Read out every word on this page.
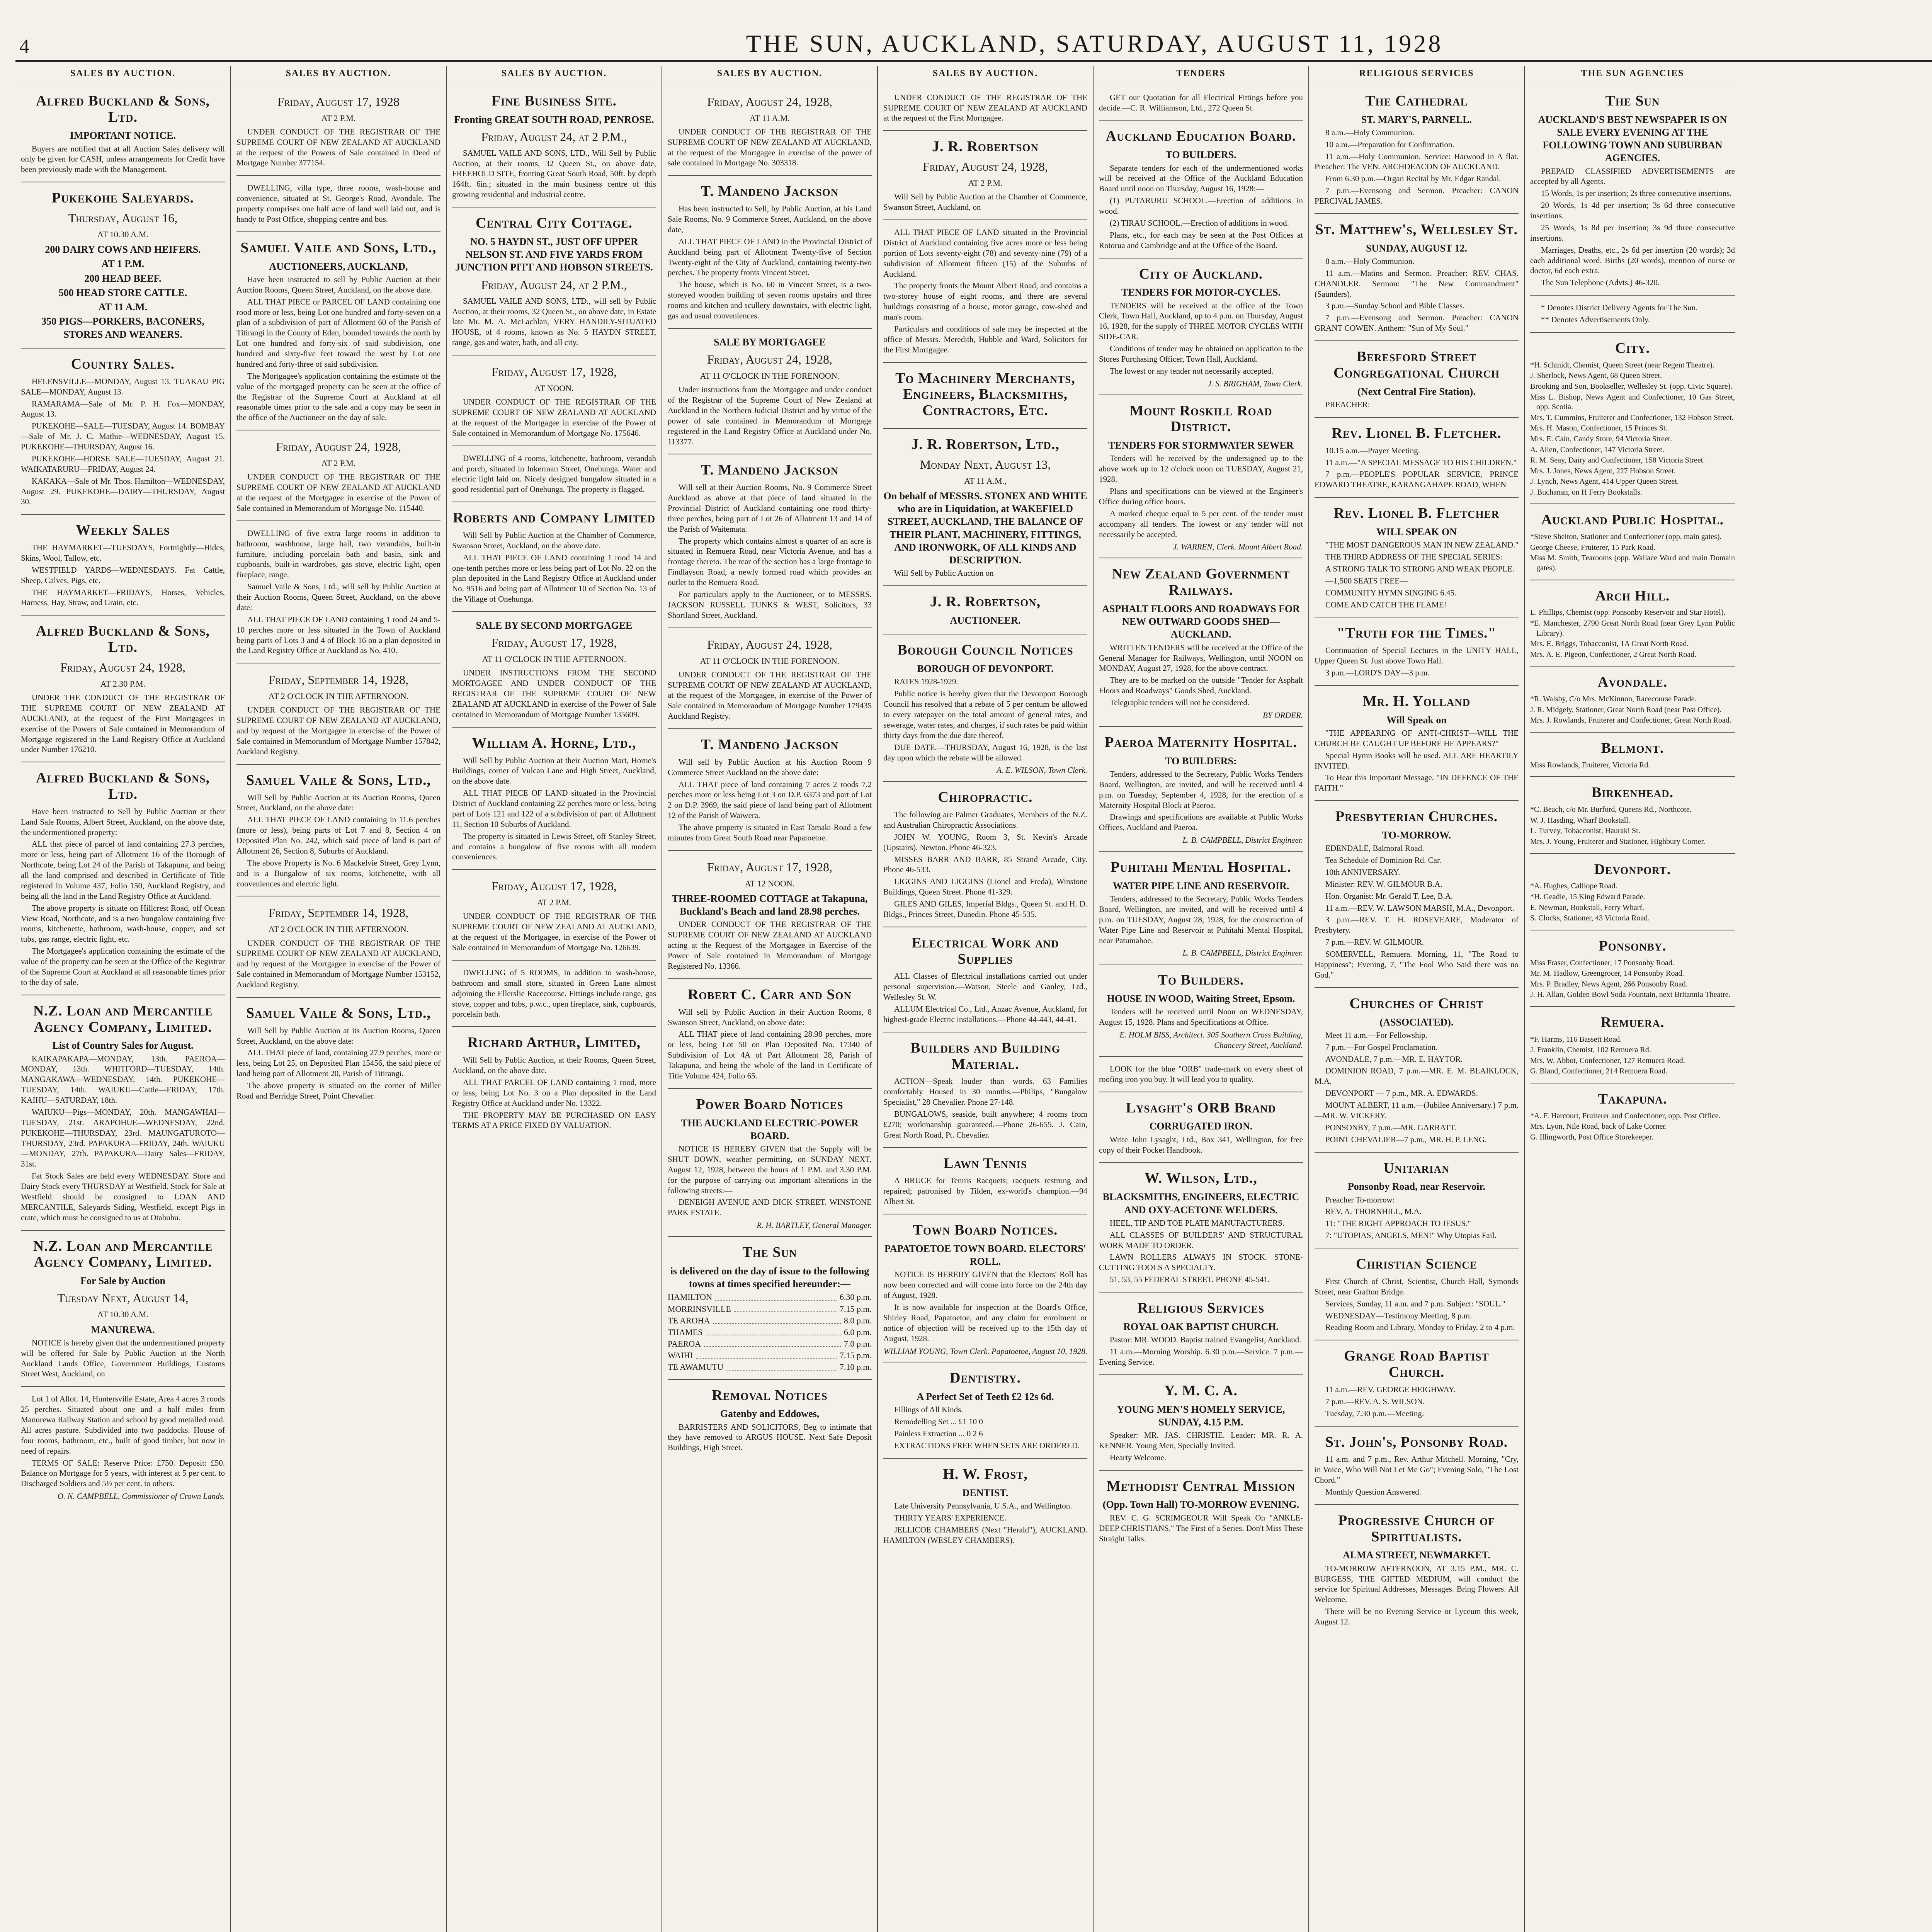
4	THE SUN, AUCKLAND, SATURDAY, AUGUST 11, 1928
SALES BY AUCTION.
Alfred Buckland & Sons, Ltd.
IMPORTANT NOTICE.

Buyers are notified that at all Auction Sales delivery will only be given for CASH, unless arrangements for Credit have been previously made with the Management.

Pukekohe Saleyards.
Thursday, August 16,
AT 10.30 A.M.
200 DAIRY COWS AND HEIFERS.
AT 1 P.M.
200 HEAD BEEF.
500 HEAD STORE CATTLE.
AT 11 A.M.
350 PIGS—PORKERS, BACONERS, STORES AND WEANERS.
Country Sales.

HELENSVILLE—MONDAY, August 13. TUAKAU PIG SALE—MONDAY, August 13.

RAMARAMA—Sale of Mr. P. H. Fox—MONDAY, August 13.

PUKEKOHE—SALE—TUESDAY, August 14. BOMBAY—Sale of Mr. J. C. Mathie—WEDNESDAY, August 15. PUKEKOHE—THURSDAY, August 16.

PUKEKOHE—HORSE SALE—TUESDAY, August 21. WAIKATARURU—FRIDAY, August 24.

KAKAKA—Sale of Mr. Thos. Hamilton—WEDNESDAY, August 29. PUKEKOHE—DAIRY—THURSDAY, August 30.

Weekly Sales

THE HAYMARKET—TUESDAYS, Fortnightly—Hides, Skins, Wool, Tallow, etc.

WESTFIELD YARDS—WEDNESDAYS. Fat Cattle, Sheep, Calves, Pigs, etc.

THE HAYMARKET—FRIDAYS, Horses, Vehicles, Harness, Hay, Straw, and Grain, etc.

Alfred Buckland & Sons, Ltd.
Friday, August 24, 1928,
AT 2.30 P.M.

UNDER THE CONDUCT OF THE REGISTRAR OF THE SUPREME COURT OF NEW ZEALAND AT AUCKLAND, at the request of the First Mortgagees in exercise of the Powers of Sale contained in Memorandum of Mortgage registered in the Land Registry Office at Auckland under Number 176210.

Alfred Buckland & Sons, Ltd.

Have been instructed to Sell by Public Auction at their Land Sale Rooms, Albert Street, Auckland, on the above date, the undermentioned property:

ALL that piece of parcel of land containing 27.3 perches, more or less, being part of Allotment 16 of the Borough of Northcote, being Lot 24 of the Parish of Takapuna, and being all the land comprised and described in Certificate of Title registered in Volume 437, Folio 150, Auckland Registry, and being all the land in the Land Registry Office at Auckland.

The above property is situate on Hillcrest Road, off Ocean View Road, Northcote, and is a two bungalow containing five rooms, kitchenette, bathroom, wash-house, copper, and set tubs, gas range, electric light, etc.

The Mortgagee's application containing the estimate of the value of the property can be seen at the Office of the Registrar of the Supreme Court at Auckland at all reasonable times prior to the day of sale.

N.Z. Loan and Mercantile Agency Company, Limited.
List of Country Sales for August.

KAIKAPAKAPA—MONDAY, 13th. PAEROA—MONDAY, 13th. WHITFORD—TUESDAY, 14th. MANGAKAWA—WEDNESDAY, 14th. PUKEKOHE—TUESDAY, 14th. WAIUKU—Cattle—FRIDAY, 17th. KAIHU—SATURDAY, 18th.

WAIUKU—Pigs—MONDAY, 20th. MANGAWHAI—TUESDAY, 21st. ARAPOHUE—WEDNESDAY, 22nd. PUKEKOHE—THURSDAY, 23rd. MAUNGATUROTO—THURSDAY, 23rd. PAPAKURA—FRIDAY, 24th. WAIUKU—MONDAY, 27th. PAPAKURA—Dairy Sales—FRIDAY, 31st.

Fat Stock Sales are held every WEDNESDAY. Store and Dairy Stock every THURSDAY at Westfield. Stock for Sale at Westfield should be consigned to LOAN AND MERCANTILE, Saleyards Siding, Westfield, except Pigs in crate, which must be consigned to us at Otahuhu.

N.Z. Loan and Mercantile Agency Company, Limited.
For Sale by Auction
Tuesday Next, August 14,
AT 10.30 A.M.
MANUREWA.

NOTICE is hereby given that the undermentioned property will be offered for Sale by Public Auction at the North Auckland Lands Office, Government Buildings, Customs Street West, Auckland, on

Lot 1 of Allot. 14, Huntersville Estate, Area 4 acres 3 roods 25 perches. Situated about one and a half miles from Manurewa Railway Station and school by good metalled road. All acres pasture. Subdivided into two paddocks. House of four rooms, bathroom, etc., built of good timber, but now in need of repairs.

TERMS OF SALE: Reserve Price: £750. Deposit: £50. Balance on Mortgage for 5 years, with interest at 5 per cent. to Discharged Soldiers and 5½ per cent. to others.

O. N. CAMPBELL, Commissioner of Crown Lands.
SALES BY AUCTION.
Friday, August 17, 1928
AT 2 P.M.

UNDER CONDUCT OF THE REGISTRAR OF THE SUPREME COURT OF NEW ZEALAND AT AUCKLAND at the request of the Powers of Sale contained in Deed of Mortgage Number 377154.

DWELLING, villa type, three rooms, wash-house and convenience, situated at St. George's Road, Avondale. The property comprises one half acre of land well laid out, and is handy to Post Office, shopping centre and bus.

Samuel Vaile and Sons, Ltd.,
AUCTIONEERS, AUCKLAND,

Have been instructed to sell by Public Auction at their Auction Rooms, Queen Street, Auckland, on the above date.

ALL THAT PIECE or PARCEL OF LAND containing one rood more or less, being Lot one hundred and forty-seven on a plan of a subdivision of part of Allotment 60 of the Parish of Titirangi in the County of Eden, bounded towards the north by Lot one hundred and forty-six of said subdivision, one hundred and sixty-five feet toward the west by Lot one hundred and forty-three of said subdivision.

The Mortgagee's application containing the estimate of the value of the mortgaged property can be seen at the office of the Registrar of the Supreme Court at Auckland at all reasonable times prior to the sale and a copy may be seen in the office of the Auctioneer on the day of sale.

Friday, August 24, 1928,
AT 2 P.M.

UNDER CONDUCT OF THE REGISTRAR OF THE SUPREME COURT OF NEW ZEALAND AT AUCKLAND at the request of the Mortgagee in exercise of the Power of Sale contained in Memorandum of Mortgage No. 115440.

DWELLING of five extra large rooms in addition to bathroom, washhouse, large hall, two verandahs, built-in furniture, including porcelain bath and basin, sink and cupboards, built-in wardrobes, gas stove, electric light, open fireplace, range.

Samuel Vaile & Sons, Ltd., will sell by Public Auction at their Auction Rooms, Queen Street, Auckland, on the above date:

ALL THAT PIECE OF LAND containing 1 rood 24 and 5-10 perches more or less situated in the Town of Auckland being parts of Lots 3 and 4 of Block 16 on a plan deposited in the Land Registry Office at Auckland as No. 410.

Friday, September 14, 1928,
AT 2 O'CLOCK IN THE AFTERNOON.

UNDER CONDUCT OF THE REGISTRAR OF THE SUPREME COURT OF NEW ZEALAND AT AUCKLAND, and by request of the Mortgagee in exercise of the Power of Sale contained in Memorandum of Mortgage Number 157842, Auckland Registry.

Samuel Vaile & Sons, Ltd.,

Will Sell by Public Auction at its Auction Rooms, Queen Street, Auckland, on the above date:

ALL THAT PIECE OF LAND containing in 11.6 perches (more or less), being parts of Lot 7 and 8, Section 4 on Deposited Plan No. 242, which said piece of land is part of Allotment 26, Section 8, Suburbs of Auckland.

The above Property is No. 6 Mackelvie Street, Grey Lynn, and is a Bungalow of six rooms, kitchenette, with all conveniences and electric light.

Friday, September 14, 1928,
AT 2 O'CLOCK IN THE AFTERNOON.

UNDER CONDUCT OF THE REGISTRAR OF THE SUPREME COURT OF NEW ZEALAND AT AUCKLAND, and by request of the Mortgagee in exercise of the Power of Sale contained in Memorandum of Mortgage Number 153152, Auckland Registry.

Samuel Vaile & Sons, Ltd.,

Will Sell by Public Auction at its Auction Rooms, Queen Street, Auckland, on the above date:

ALL THAT piece of land, containing 27.9 perches, more or less, being Lot 25, on Deposited Plan 15456, the said piece of land being part of Allotment 20, Parish of Titirangi.

The above property is situated on the corner of Miller Road and Berridge Street, Point Chevalier.

SALES BY AUCTION.
Fine Business Site.
Fronting GREAT SOUTH ROAD, PENROSE.
Friday, August 24, at 2 P.M.,

SAMUEL VAILE AND SONS, LTD., Will Sell by Public Auction, at their rooms, 32 Queen St., on above date, FREEHOLD SITE, fronting Great South Road, 50ft. by depth 164ft. 6in.; situated in the main business centre of this growing residential and industrial centre.

Central City Cottage.
NO. 5 HAYDN ST., JUST OFF UPPER NELSON ST. AND FIVE YARDS FROM JUNCTION PITT AND HOBSON STREETS.
Friday, August 24, at 2 P.M.,

SAMUEL VAILE AND SONS, LTD., will sell by Public Auction, at their rooms, 32 Queen St., on above date, in Estate late Mr. M. A. McLachlan, VERY HANDILY-SITUATED HOUSE, of 4 rooms, known as No. 5 HAYDN STREET, range, gas and water, bath, and all city.

Friday, August 17, 1928,
AT NOON.

UNDER CONDUCT OF THE REGISTRAR OF THE SUPREME COURT OF NEW ZEALAND AT AUCKLAND at the request of the Mortgagee in exercise of the Power of Sale contained in Memorandum of Mortgage No. 175646.

DWELLING of 4 rooms, kitchenette, bathroom, verandah and porch, situated in Inkerman Street, Onehunga. Water and electric light laid on. Nicely designed bungalow situated in a good residential part of Onehunga. The property is flagged.

Roberts and Company Limited

Will Sell by Public Auction at the Chamber of Commerce, Swanson Street, Auckland, on the above date.

ALL THAT PIECE OF LAND containing 1 rood 14 and one-tenth perches more or less being part of Lot No. 22 on the plan deposited in the Land Registry Office at Auckland under No. 9516 and being part of Allotment 10 of Section No. 13 of the Village of Onehunga.

SALE BY SECOND MORTGAGEE
Friday, August 17, 1928,
AT 11 O'CLOCK IN THE AFTERNOON.

UNDER INSTRUCTIONS FROM THE SECOND MORTGAGEE AND UNDER CONDUCT OF THE REGISTRAR OF THE SUPREME COURT OF NEW ZEALAND AT AUCKLAND in exercise of the Power of Sale contained in Memorandum of Mortgage Number 135609.

William A. Horne, Ltd.,

Will Sell by Public Auction at their Auction Mart, Horne's Buildings, corner of Vulcan Lane and High Street, Auckland, on the above date.

ALL THAT PIECE OF LAND situated in the Provincial District of Auckland containing 22 perches more or less, being part of Lots 121 and 122 of a subdivision of part of Allotment 11, Section 10 Suburbs of Auckland.

The property is situated in Lewis Street, off Stanley Street, and contains a bungalow of five rooms with all modern conveniences.

Friday, August 17, 1928,
AT 2 P.M.

UNDER CONDUCT OF THE REGISTRAR OF THE SUPREME COURT OF NEW ZEALAND AT AUCKLAND, at the request of the Mortgagee, in exercise of the Power of Sale contained in Memorandum of Mortgage No. 126639.

DWELLING of 5 ROOMS, in addition to wash-house, bathroom and small store, situated in Green Lane almost adjoining the Ellerslie Racecourse. Fittings include range, gas stove, copper and tubs, p.w.c., open fireplace, sink, cupboards, porcelain bath.

Richard Arthur, Limited,

Will Sell by Public Auction, at their Rooms, Queen Street, Auckland, on the above date.

ALL THAT PARCEL OF LAND containing 1 rood, more or less, being Lot No. 3 on a Plan deposited in the Land Registry Office at Auckland under No. 13322.

THE PROPERTY MAY BE PURCHASED ON EASY TERMS AT A PRICE FIXED BY VALUATION.

SALES BY AUCTION.
Friday, August 24, 1928,
AT 11 A.M.

UNDER CONDUCT OF THE REGISTRAR OF THE SUPREME COURT OF NEW ZEALAND AT AUCKLAND, at the request of the Mortgagee in exercise of the power of sale contained in Mortgage No. 303318.

T. Mandeno Jackson

Has been instructed to Sell, by Public Auction, at his Land Sale Rooms, No. 9 Commerce Street, Auckland, on the above date,

ALL THAT PIECE OF LAND in the Provincial District of Auckland being part of Allotment Twenty-five of Section Twenty-eight of the City of Auckland, containing twenty-two perches. The property fronts Vincent Street.

The house, which is No. 60 in Vincent Street, is a two-storeyed wooden building of seven rooms upstairs and three rooms and kitchen and scullery downstairs, with electric light, gas and usual conveniences.

SALE BY MORTGAGEE
Friday, August 24, 1928,
AT 11 O'CLOCK IN THE FORENOON.

Under instructions from the Mortgagee and under conduct of the Registrar of the Supreme Court of New Zealand at Auckland in the Northern Judicial District and by virtue of the power of sale contained in Memorandum of Mortgage registered in the Land Registry Office at Auckland under No. 113377.

T. Mandeno Jackson

Will sell at their Auction Rooms, No. 9 Commerce Street Auckland as above at that piece of land situated in the Provincial District of Auckland containing one rood thirty-three perches, being part of Lot 26 of Allotment 13 and 14 of the Parish of Waitemata.

The property which contains almost a quarter of an acre is situated in Remuera Road, near Victoria Avenue, and has a frontage thereto. The rear of the section has a large frontage to Findlayson Road, a newly formed road which provides an outlet to the Remuera Road.

For particulars apply to the Auctioneer, or to MESSRS. JACKSON RUSSELL TUNKS & WEST, Solicitors, 33 Shortland Street, Auckland.

Friday, August 24, 1928,
AT 11 O'CLOCK IN THE FORENOON.

UNDER CONDUCT OF THE REGISTRAR OF THE SUPREME COURT OF NEW ZEALAND AT AUCKLAND, at the request of the Mortgagee, in exercise of the Power of Sale contained in Memorandum of Mortgage Number 179435 Auckland Registry.

T. Mandeno Jackson

Will sell by Public Auction at his Auction Room 9 Commerce Street Auckland on the above date:

ALL THAT piece of land containing 7 acres 2 roods 7.2 perches more or less being Lot 3 on D.P. 6373 and part of Lot 2 on D.P. 3969, the said piece of land being part of Allotment 12 of the Parish of Waiwera.

The above property is situated in East Tamaki Road a few minutes from Great South Road near Papatoetoe.

Friday, August 17, 1928,
AT 12 NOON.
THREE-ROOMED COTTAGE at Takapuna, Buckland's Beach and land 28.98 perches.

UNDER CONDUCT OF THE REGISTRAR OF THE SUPREME COURT OF NEW ZEALAND AT AUCKLAND acting at the Request of the Mortgagee in Exercise of the Power of Sale contained in Memorandum of Mortgage Registered No. 13366.

Robert C. Carr and Son

Will sell by Public Auction in their Auction Rooms, 8 Swanson Street, Auckland, on above date:

ALL THAT piece of land containing 28.98 perches, more or less, being Lot 50 on Plan Deposited No. 17340 of Subdivision of Lot 4A of Part Allotment 28, Parish of Takapuna, and being the whole of the land in Certificate of Title Volume 424, Folio 65.

Power Board Notices
THE AUCKLAND ELECTRIC-POWER BOARD.

NOTICE IS HEREBY GIVEN that the Supply will be SHUT DOWN, weather permitting, on SUNDAY NEXT, August 12, 1928, between the hours of 1 P.M. and 3.30 P.M. for the purpose of carrying out important alterations in the following streets:—

DENEIGH AVENUE AND DICK STREET. WINSTONE PARK ESTATE.

R. H. BARTLEY, General Manager.
The Sun
is delivered on the day of issue to the following towns at times specified hereunder:—
HAMILTON	6.30 p.m.
MORRINSVILLE	7.15 p.m.
TE AROHA	8.0 p.m.
THAMES	6.0 p.m.
PAEROA	7.0 p.m.
WAIHI	7.15 p.m.
TE AWAMUTU	7.10 p.m.
Removal Notices
Gatenby and Eddowes,

BARRISTERS AND SOLICITORS, Beg to intimate that they have removed to ARGUS HOUSE. Next Safe Deposit Buildings, High Street.

SALES BY AUCTION.

UNDER CONDUCT OF THE REGISTRAR OF THE SUPREME COURT OF NEW ZEALAND AT AUCKLAND at the request of the First Mortgagee.

J. R. Robertson
Friday, August 24, 1928,
AT 2 P.M.

Will Sell by Public Auction at the Chamber of Commerce, Swanson Street, Auckland, on

ALL THAT PIECE OF LAND situated in the Provincial District of Auckland containing five acres more or less being portion of Lots seventy-eight (78) and seventy-nine (79) of a subdivision of Allotment fifteen (15) of the Suburbs of Auckland.

The property fronts the Mount Albert Road, and contains a two-storey house of eight rooms, and there are several buildings consisting of a house, motor garage, cow-shed and man's room.

Particulars and conditions of sale may be inspected at the office of Messrs. Meredith, Hubble and Ward, Solicitors for the First Mortgagee.

To Machinery Merchants, Engineers, Blacksmiths, Contractors, Etc.
J. R. Robertson, Ltd.,
Monday Next, August 13,
AT 11 A.M.,
On behalf of MESSRS. STONEX AND WHITE who are in Liquidation, at WAKEFIELD STREET, AUCKLAND, THE BALANCE OF THEIR PLANT, MACHINERY, FITTINGS, AND IRONWORK, OF ALL KINDS AND DESCRIPTION.

Will Sell by Public Auction on

J. R. Robertson,
AUCTIONEER.
Borough Council Notices
BOROUGH OF DEVONPORT.

RATES 1928-1929.

Public notice is hereby given that the Devonport Borough Council has resolved that a rebate of 5 per centum be allowed to every ratepayer on the total amount of general rates, and sewerage, water rates, and charges, if such rates be paid within thirty days from the due date thereof.

DUE DATE.—THURSDAY, August 16, 1928, is the last day upon which the rebate will be allowed.

A. E. WILSON, Town Clerk.
Chiropractic.

The following are Palmer Graduates, Members of the N.Z. and Australian Chiropractic Associations.

JOHN W. YOUNG, Room 3, St. Kevin's Arcade (Upstairs). Newton. Phone 46-323.

MISSES BARR AND BARR, 85 Strand Arcade, City. Phone 46-533.

LIGGINS AND LIGGINS (Lionel and Freda), Winstone Buildings, Queen Street. Phone 41-329.

GILES AND GILES, Imperial Bldgs., Queen St. and H. D. Bldgs., Princes Street, Dunedin. Phone 45-535.

Electrical Work and Supplies

ALL Classes of Electrical installations carried out under personal supervision.—Watson, Steele and Ganley, Ltd., Wellesley St. W.

ALLUM Electrical Co., Ltd., Anzac Avenue, Auckland, for highest-grade Electric installations.—Phone 44-443, 44-41.

Builders and Building Material.

ACTION—Speak louder than words. 63 Families comfortably Housed in 30 months.—Philips, "Bungalow Specialist," 28 Chevalier. Phone 27-148.

BUNGALOWS, seaside, built anywhere; 4 rooms from £270; workmanship guaranteed.—Phone 26-655. J. Cain, Great North Road, Pt. Chevalier.

Lawn Tennis

A BRUCE for Tennis Racquets; racquets restrung and repaired; patronised by Tilden, ex-world's champion.—94 Albert St.

Town Board Notices.
PAPATOETOE TOWN BOARD. ELECTORS' ROLL.

NOTICE IS HEREBY GIVEN that the Electors' Roll has now been corrected and will come into force on the 24th day of August, 1928.

It is now available for inspection at the Board's Office, Shirley Road, Papatoetoe, and any claim for enrolment or notice of objection will be received up to the 15th day of August, 1928.

WILLIAM YOUNG, Town Clerk. Papatoetoe, August 10, 1928.
Dentistry.
A Perfect Set of Teeth £2 12s 6d.

Fillings of All Kinds.

Remodelling Set ... £1 10 0

Painless Extraction ... 0 2 6

EXTRACTIONS FREE WHEN SETS ARE ORDERED.

H. W. Frost,
DENTIST.

Late University Pennsylvania, U.S.A., and Wellington.

THIRTY YEARS' EXPERIENCE.

JELLICOE CHAMBERS (Next "Herald"), AUCKLAND. HAMILTON (WESLEY CHAMBERS).

TENDERS

GET our Quotation for all Electrical Fittings before you decide.—C. R. Williamson, Ltd., 272 Queen St.

Auckland Education Board.
TO BUILDERS.

Separate tenders for each of the undermentioned works will be received at the Office of the Auckland Education Board until noon on Thursday, August 16, 1928:—

(1) PUTARURU SCHOOL.—Erection of additions in wood.

(2) TIRAU SCHOOL.—Erection of additions in wood.

Plans, etc., for each may be seen at the Post Offices at Rotorua and Cambridge and at the Office of the Board.

City of Auckland.
TENDERS FOR MOTOR-CYCLES.

TENDERS will be received at the office of the Town Clerk, Town Hall, Auckland, up to 4 p.m. on Thursday, August 16, 1928, for the supply of THREE MOTOR CYCLES WITH SIDE-CAR.

Conditions of tender may be obtained on application to the Stores Purchasing Officer, Town Hall, Auckland.

The lowest or any tender not necessarily accepted.

J. S. BRIGHAM, Town Clerk.
Mount Roskill Road District.
TENDERS FOR STORMWATER SEWER

Tenders will be received by the undersigned up to the above work up to 12 o'clock noon on TUESDAY, August 21, 1928.

Plans and specifications can be viewed at the Engineer's Office during office hours.

A marked cheque equal to 5 per cent. of the tender must accompany all tenders. The lowest or any tender will not necessarily be accepted.

J. WARREN, Clerk. Mount Albert Road.
New Zealand Government Railways.
ASPHALT FLOORS AND ROADWAYS FOR NEW OUTWARD GOODS SHED—AUCKLAND.

WRITTEN TENDERS will be received at the Office of the General Manager for Railways, Wellington, until NOON on MONDAY, August 27, 1928, for the above contract.

They are to be marked on the outside "Tender for Asphalt Floors and Roadways" Goods Shed, Auckland.

Telegraphic tenders will not be considered.

BY ORDER.
Paeroa Maternity Hospital.
TO BUILDERS:

Tenders, addressed to the Secretary, Public Works Tenders Board, Wellington, are invited, and will be received until 4 p.m. on Tuesday, September 4, 1928, for the erection of a Maternity Hospital Block at Paeroa.

Drawings and specifications are available at Public Works Offices, Auckland and Paeroa.

L. B. CAMPBELL, District Engineer.
Puhitahi Mental Hospital.
WATER PIPE LINE AND RESERVOIR.

Tenders, addressed to the Secretary, Public Works Tenders Board, Wellington, are invited, and will be received until 4 p.m. on TUESDAY, August 28, 1928, for the construction of Water Pipe Line and Reservoir at Puhitahi Mental Hospital, near Patumahoe.

L. B. CAMPBELL, District Engineer.
To Builders.
HOUSE IN WOOD, Waiting Street, Epsom.

Tenders will be received until Noon on WEDNESDAY, August 15, 1928. Plans and Specifications at Office.

E. HOLM BISS, Architect. 305 Southern Cross Building, Chancery Street, Auckland.

LOOK for the blue "ORB" trade-mark on every sheet of roofing iron you buy. It will lead you to quality.

Lysaght's ORB Brand
CORRUGATED IRON.

Write John Lysaght, Ltd., Box 341, Wellington, for free copy of their Pocket Handbook.

W. Wilson, Ltd.,
BLACKSMITHS, ENGINEERS, ELECTRIC AND OXY-ACETONE WELDERS.

HEEL, TIP AND TOE PLATE MANUFACTURERS.

ALL CLASSES OF BUILDERS' AND STRUCTURAL WORK MADE TO ORDER.

LAWN ROLLERS ALWAYS IN STOCK. STONE-CUTTING TOOLS A SPECIALTY.

51, 53, 55 FEDERAL STREET. PHONE 45-541.

Religious Services
ROYAL OAK BAPTIST CHURCH.

Pastor: MR. WOOD. Baptist trained Evangelist, Auckland.

11 a.m.—Morning Worship. 6.30 p.m.—Service. 7 p.m.—Evening Service.

Y. M. C. A.
YOUNG MEN'S HOMELY SERVICE, SUNDAY, 4.15 P.M.

Speaker: MR. JAS. CHRISTIE. Leader: MR. R. A. KENNER. Young Men, Specially Invited.

Hearty Welcome.

Methodist Central Mission
(Opp. Town Hall) TO-MORROW EVENING.

REV. C. G. SCRIMGEOUR Will Speak On "ANKLE-DEEP CHRISTIANS." The First of a Series. Don't Miss These Straight Talks.

RELIGIOUS SERVICES
The Cathedral
ST. MARY'S, PARNELL.

8 a.m.—Holy Communion.

10 a.m.—Preparation for Confirmation.

11 a.m.—Holy Communion. Service: Harwood in A flat. Preacher: The VEN. ARCHDEACON OF AUCKLAND.

From 6.30 p.m.—Organ Recital by Mr. Edgar Randal.

7 p.m.—Evensong and Sermon. Preacher: CANON PERCIVAL JAMES.

St. Matthew's, Wellesley St.
SUNDAY, AUGUST 12.

8 a.m.—Holy Communion.

11 a.m.—Matins and Sermon. Preacher: REV. CHAS. CHANDLER. Sermon: "The New Commandment" (Saunders).

3 p.m.—Sunday School and Bible Classes.

7 p.m.—Evensong and Sermon. Preacher: CANON GRANT COWEN. Anthem: "Sun of My Soul."

Beresford Street Congregational Church
(Next Central Fire Station).

PREACHER:

Rev. Lionel B. Fletcher.

10.15 a.m.—Prayer Meeting.

11 a.m.—"A SPECIAL MESSAGE TO HIS CHILDREN."

7 p.m.—PEOPLE'S POPULAR SERVICE, PRINCE EDWARD THEATRE, KARANGAHAPE ROAD, WHEN

Rev. Lionel B. Fletcher
WILL SPEAK ON

"THE MOST DANGEROUS MAN IN NEW ZEALAND."

THE THIRD ADDRESS OF THE SPECIAL SERIES:

A STRONG TALK TO STRONG AND WEAK PEOPLE.

—1,500 SEATS FREE—

COMMUNITY HYMN SINGING 6.45.

COME AND CATCH THE FLAME!

"Truth for the Times."

Continuation of Special Lectures in the UNITY HALL, Upper Queen St. Just above Town Hall.

3 p.m.—LORD'S DAY—3 p.m.

Mr. H. Yolland
Will Speak on

"THE APPEARING OF ANTI-CHRIST—WILL THE CHURCH BE CAUGHT UP BEFORE HE APPEARS?"

Special Hymn Books will be used. ALL ARE HEARTILY INVITED.

To Hear this Important Message. "IN DEFENCE OF THE FAITH."

Presbyterian Churches.
TO-MORROW.

EDENDALE, Balmoral Road.

Tea Schedule of Dominion Rd. Car.

10th ANNIVERSARY.

Minister: REV. W. GILMOUR B.A.

Hon. Organist: Mr. Gerald T. Lee, B.A.

11 a.m.—REV. W. LAWSON MARSH, M.A., Devonport.

3 p.m.—REV. T. H. ROSEVEARE, Moderator of Presbytery.

7 p.m.—REV. W. GILMOUR.

SOMERVELL, Remuera. Morning, 11, "The Road to Happiness"; Evening, 7, "The Fool Who Said there was no God."

Churches of Christ
(ASSOCIATED).

Meet 11 a.m.—For Fellowship.

7 p.m.—For Gospel Proclamation.

AVONDALE, 7 p.m.—MR. E. HAYTOR.

DOMINION ROAD, 7 p.m.—MR. E. M. BLAIKLOCK, M.A.

DEVONPORT — 7 p.m., MR. A. EDWARDS.

MOUNT ALBERT, 11 a.m.—(Jubilee Anniversary.) 7 p.m.—MR. W. VICKERY.

PONSONBY, 7 p.m.—MR. GARRATT.

POINT CHEVALIER—7 p.m., MR. H. P. LENG.

Unitarian
Ponsonby Road, near Reservoir.

Preacher To-morrow:

REV. A. THORNHILL, M.A.

11: "THE RIGHT APPROACH TO JESUS."

7: "UTOPIAS, ANGELS, MEN!" Why Utopias Fail.

Christian Science

First Church of Christ, Scientist, Church Hall, Symonds Street, near Grafton Bridge.

Services, Sunday, 11 a.m. and 7 p.m. Subject: "SOUL."

WEDNESDAY—Testimony Meeting, 8 p.m.

Reading Room and Library, Monday to Friday, 2 to 4 p.m.

Grange Road Baptist Church.

11 a.m.—REV. GEORGE HEIGHWAY.

7 p.m.—REV. A. S. WILSON.

Tuesday, 7.30 p.m.—Meeting.

St. John's, Ponsonby Road.

11 a.m. and 7 p.m., Rev. Arthur Mitchell. Morning, "Cry, in Voice, Who Will Not Let Me Go"; Evening Solo, "The Lost Chord."

Monthly Question Answered.

Progressive Church of Spiritualists.
ALMA STREET, NEWMARKET.

TO-MORROW AFTERNOON, AT 3.15 P.M., MR. C. BURGESS, THE GIFTED MEDIUM, will conduct the service for Spiritual Addresses, Messages. Bring Flowers. All Welcome.

There will be no Evening Service or Lyceum this week, August 12.

THE SUN AGENCIES
The Sun
AUCKLAND'S BEST NEWSPAPER IS ON SALE EVERY EVENING AT THE FOLLOWING TOWN AND SUBURBAN AGENCIES.

PREPAID CLASSIFIED ADVERTISEMENTS are accepted by all Agents.

15 Words, 1s per insertion; 2s three consecutive insertions.

20 Words, 1s 4d per insertion; 3s 6d three consecutive insertions.

25 Words, 1s 8d per insertion; 3s 9d three consecutive insertions.

Marriages, Deaths, etc., 2s 6d per insertion (20 words); 3d each additional word. Births (20 words), mention of nurse or doctor, 6d each extra.

The Sun Telephone (Advts.) 46-320.

* Denotes District Delivery Agents for The Sun.

** Denotes Advertisements Only.

City.
*H. Schmidt, Chemist, Queen Street (near Regent Theatre).
J. Sherlock, News Agent, 68 Queen Street.
Brooking and Son, Bookseller, Wellesley St. (opp. Civic Square).
Miss L. Bishop, News Agent and Confectioner, 10 Gas Street, opp. Scotia.
Mrs. T. Cummins, Fruiterer and Confectioner, 132 Hobson Street.
Mrs. H. Mason, Confectioner, 15 Princes St.
Mrs. E. Cain, Candy Store, 94 Victoria Street.
A. Allen, Confectioner, 147 Victoria Street.
R. M. Seay, Dairy and Confectioner, 158 Victoria Street.
Mrs. J. Jones, News Agent, 227 Hobson Street.
J. Lynch, News Agent, 414 Upper Queen Street.
J. Buchanan, on H Ferry Bookstalls.
Auckland Public Hospital.
*Steve Shelton, Stationer and Confectioner (opp. main gates).
George Cheese, Fruiterer, 15 Park Road.
Miss M. Smith, Tearooms (opp. Wallace Ward and main Domain gates).
Arch Hill.
L. Phillips, Chemist (opp. Ponsonby Reservoir and Star Hotel).
*E. Manchester, 2790 Great North Road (near Grey Lynn Public Library).
Mrs. E. Briggs, Tobacconist, 1A Great North Road.
Mrs. A. E. Pigeon, Confectioner, 2 Great North Road.
Avondale.
*R. Walsby, C/o Mrs. McKinnon, Racecourse Parade.
J. R. Midgely, Stationer, Great North Road (near Post Office).
Mrs. J. Rowlands, Fruiterer and Confectioner, Great North Road.
Belmont.
Miss Rowlands, Fruiterer, Victoria Rd.
Birkenhead.
*C. Beach, c/o Mr. Burford, Queens Rd., Northcote.
W. J. Hasding, Wharf Bookstall.
L. Turvey, Tobacconist, Hauraki St.
Mrs. J. Young, Fruiterer and Stationer, Highbury Corner.
Devonport.
*A. Hughes, Calliope Road.
*H. Geadle, 15 King Edward Parade.
E. Newman, Bookstall, Ferry Wharf.
S. Clocks, Stationer, 43 Victoria Road.
Ponsonby.
Miss Fraser, Confectioner, 17 Ponsonby Road.
Mr. M. Hadlow, Greengrocer, 14 Ponsonby Road.
Mrs. P. Bradley, News Agent, 266 Ponsonby Road.
J. H. Allan, Golden Bowl Soda Fountain, next Britannia Theatre.
Remuera.
*F. Harms, 116 Bassett Road.
J. Franklin, Chemist, 102 Remuera Rd.
Mrs. W. Abbot, Confectioner, 127 Remuera Road.
G. Bland, Confectioner, 214 Remuera Road.
Takapuna.
*A. F. Harcourt, Fruiterer and Confectioner, opp. Post Office.
Mrs. Lyon, Nile Road, back of Lake Corner.
G. Illingworth, Post Office Storekeeper.
